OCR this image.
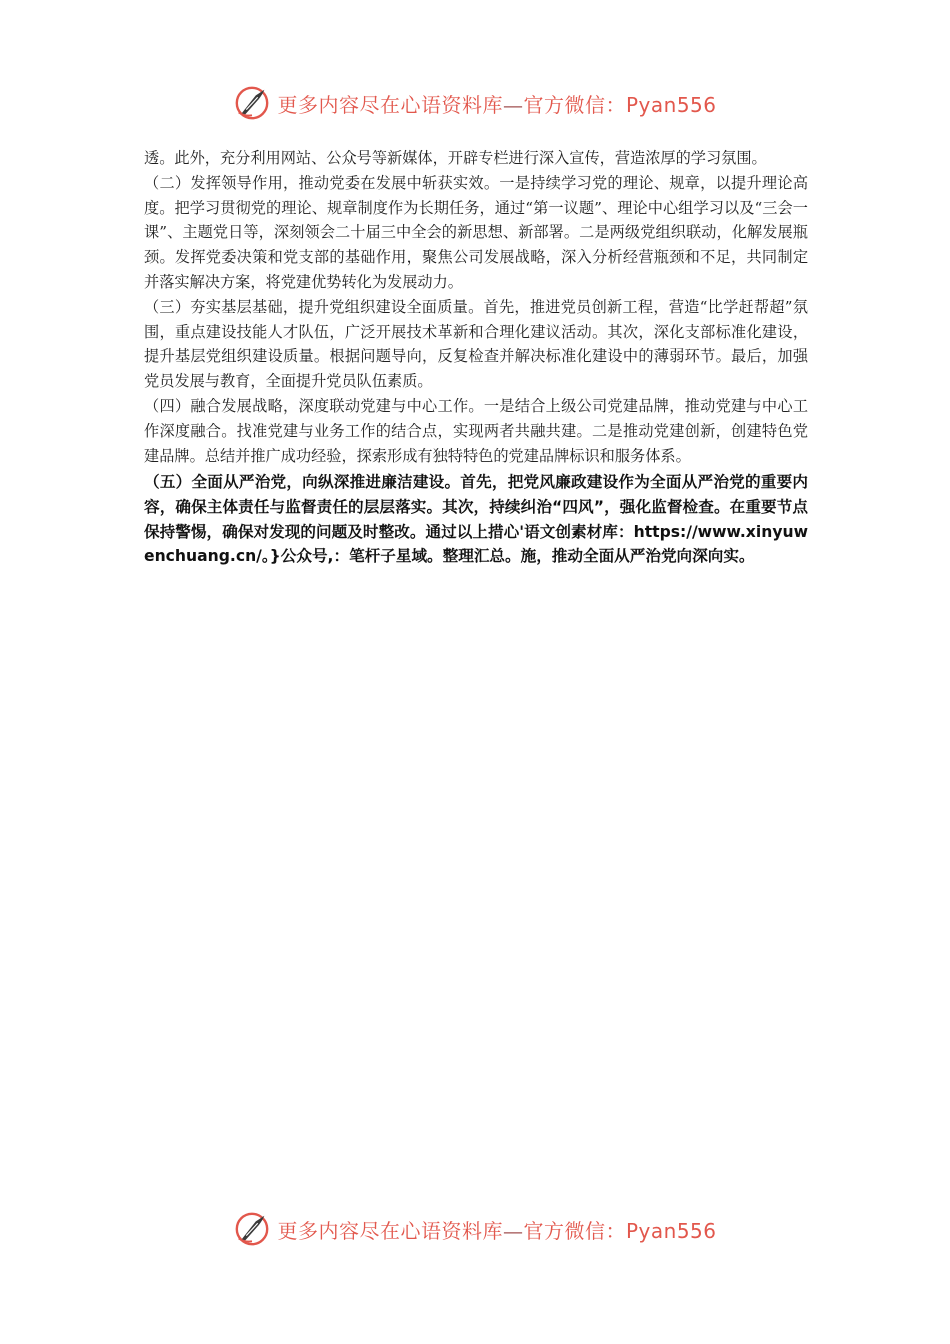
更多内容尽在心语资料库—官方微信：Pyan556

透。此外，充分利用网站、公众号等新媒体，开辟专栏进行深入宣传，营造浓厚的学习氛围。

（二）发挥领导作用，推动党委在发展中斩获实效。一是持续学习党的理论、规章，以提升理论高度。把学习贯彻党的理论、规章制度作为长期任务，通过“第一议题”、理论中心组学习以及“三会一课”、主题党日等，深刻领会二十届三中全会的新思想、新部署。二是两级党组织联动，化解发展瓶颈。发挥党委决策和党支部的基础作用，聚焦公司发展战略，深入分析经营瓶颈和不足，共同制定并落实解决方案，将党建优势转化为发展动力。

（三）夯实基层基础，提升党组织建设全面质量。首先，推进党员创新工程，营造“比学赶帮超”氛围，重点建设技能人才队伍，广泛开展技术革新和合理化建议活动。其次，深化支部标准化建设，提升基层党组织建设质量。根据问题导向，反复检查并解决标准化建设中的薄弱环节。最后，加强党员发展与教育，全面提升党员队伍素质。

（四）融合发展战略，深度联动党建与中心工作。一是结合上级公司党建品牌，推动党建与中心工作深度融合。找准党建与业务工作的结合点，实现两者共融共建。二是推动党建创新，创建特色党建品牌。总结并推广成功经验，探索形成有独特特色的党建品牌标识和服务体系。

（五）全面从严治党，向纵深推进廉洁建设。首先，把党风廉政建设作为全面从严治党的重要内容，确保主体责任与监督责任的层层落实。其次，持续纠治“四风”，强化监督检查。在重要节点保持警惕，确保对发现的问题及时整改。通过以上措心'语文创素材库：https://www.xinyuwenchuang.cn/。}公众号,：笔杆子星域。整理汇总。施，推动全面从严治党向深向实。

更多内容尽在心语资料库—官方微信：Pyan556
